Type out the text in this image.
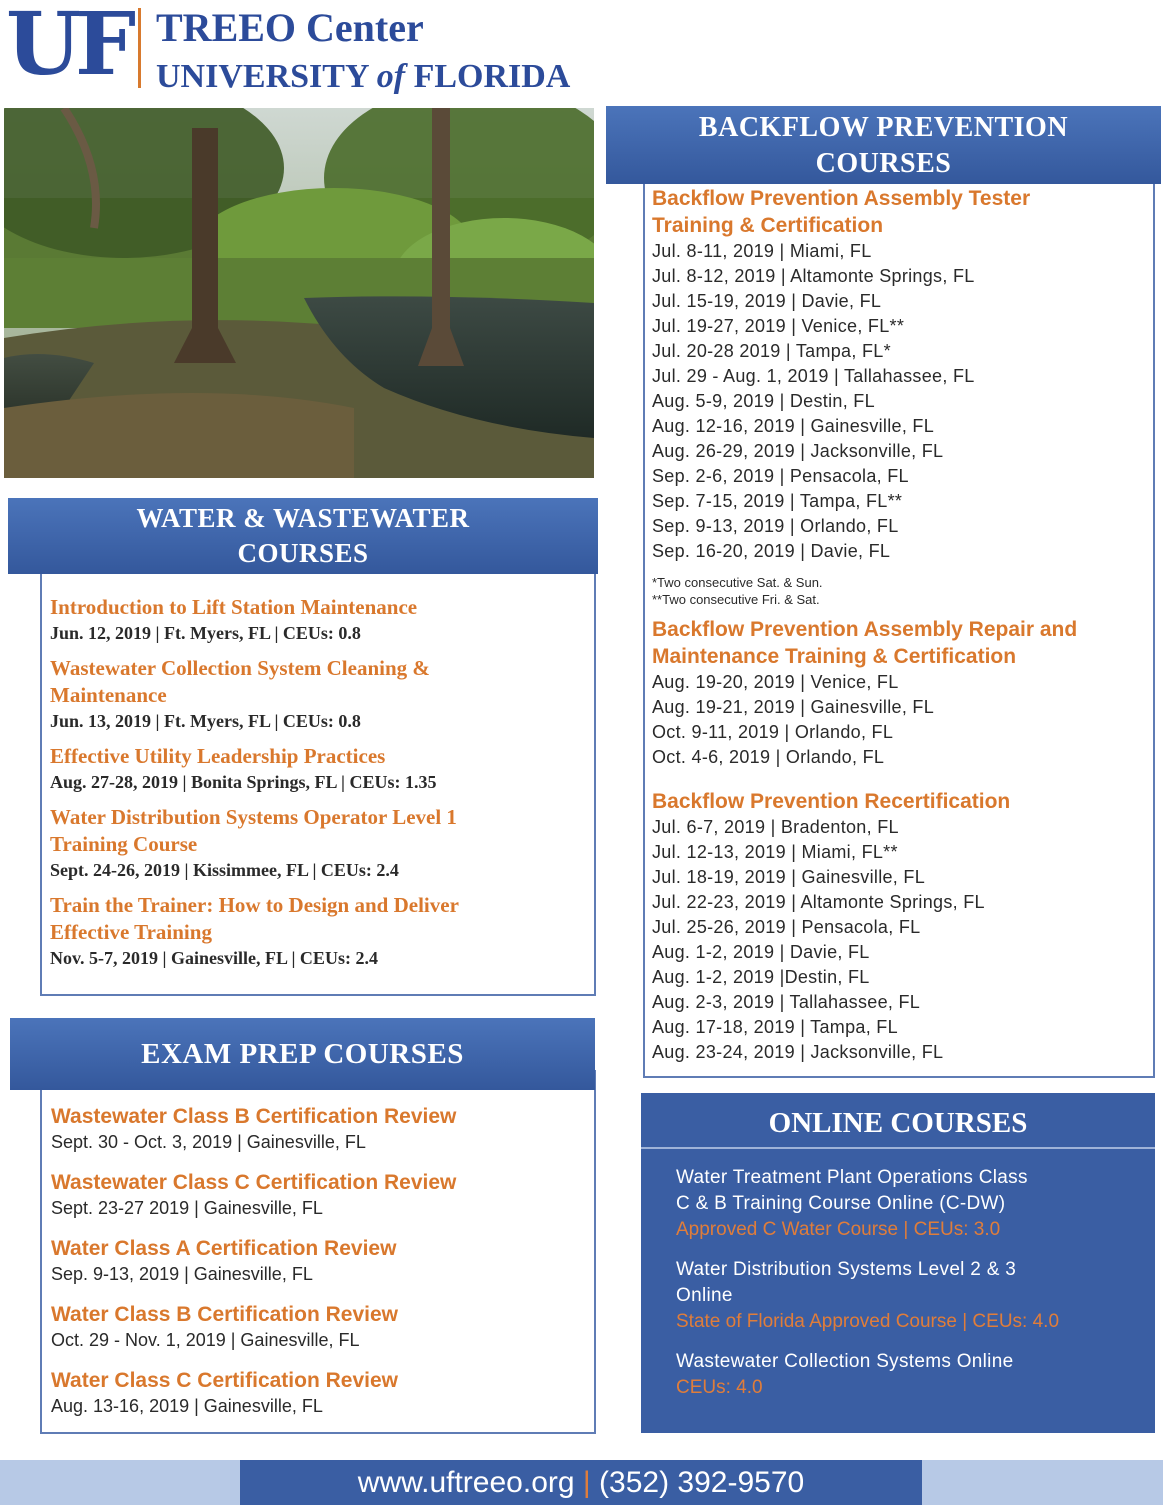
UF TREEO Center
UNIVERSITY of FLORIDA
WATER & WASTEWATER
COURSES
Introduction to Lift Station Maintenance
Jun. 12, 2019 | Ft. Myers, FL | CEUs: 0.8
Wastewater Collection System Cleaning & Maintenance
Jun. 13, 2019 | Ft. Myers, FL | CEUs: 0.8
Effective Utility Leadership Practices
Aug. 27-28, 2019 | Bonita Springs, FL | CEUs: 1.35
Water Distribution Systems Operator Level 1 Training Course
Sept. 24-26, 2019 | Kissimmee, FL | CEUs: 2.4
Train the Trainer: How to Design and Deliver Effective Training
Nov. 5-7, 2019 | Gainesville, FL | CEUs: 2.4
EXAM PREP COURSES
Wastewater Class B Certification Review
Sept. 30 - Oct. 3, 2019 | Gainesville, FL
Wastewater Class C Certification Review
Sept. 23-27 2019 | Gainesville, FL
Water Class A Certification Review
Sep. 9-13, 2019 | Gainesville, FL
Water Class B Certification Review
Oct. 29 - Nov. 1, 2019 | Gainesville, FL
Water Class C Certification Review
Aug. 13-16, 2019 | Gainesville, FL
BACKFLOW PREVENTION
COURSES
Backflow Prevention Assembly Tester
Training & Certification
Jul. 8-11, 2019 | Miami, FL
Jul. 8-12, 2019 | Altamonte Springs, FL
Jul. 15-19, 2019 | Davie, FL
Jul. 19-27, 2019 | Venice, FL**
Jul. 20-28 2019 | Tampa, FL*
Jul. 29 - Aug. 1, 2019 | Tallahassee, FL
Aug. 5-9, 2019 | Destin, FL
Aug. 12-16, 2019 | Gainesville, FL
Aug. 26-29, 2019 | Jacksonville, FL
Sep. 2-6, 2019 | Pensacola, FL
Sep. 7-15, 2019 | Tampa, FL**
Sep. 9-13, 2019 | Orlando, FL
Sep. 16-20, 2019 | Davie, FL
*Two consecutive Sat. & Sun.
**Two consecutive Fri. & Sat.
Backflow Prevention Assembly Repair and
Maintenance Training & Certification
Aug. 19-20, 2019 | Venice, FL
Aug. 19-21, 2019 | Gainesville, FL
Oct. 9-11, 2019 | Orlando, FL
Oct. 4-6, 2019 | Orlando, FL
Backflow Prevention Recertification
Jul. 6-7, 2019 | Bradenton, FL
Jul. 12-13, 2019 | Miami, FL**
Jul. 18-19, 2019 | Gainesville, FL
Jul. 22-23, 2019 | Altamonte Springs, FL
Jul. 25-26, 2019 | Pensacola, FL
Aug. 1-2, 2019 | Davie, FL
Aug. 1-2, 2019 |Destin, FL
Aug. 2-3, 2019 | Tallahassee, FL
Aug. 17-18, 2019 | Tampa, FL
Aug. 23-24, 2019 | Jacksonville, FL
ONLINE COURSES
Water Treatment Plant Operations Class
C & B Training Course Online (C-DW)
Approved C Water Course | CEUs: 3.0
Water Distribution Systems Level 2 & 3
Online
State of Florida Approved Course | CEUs: 4.0
Wastewater Collection Systems Online
CEUs: 4.0
www.uftreeo.org | (352) 392-9570
